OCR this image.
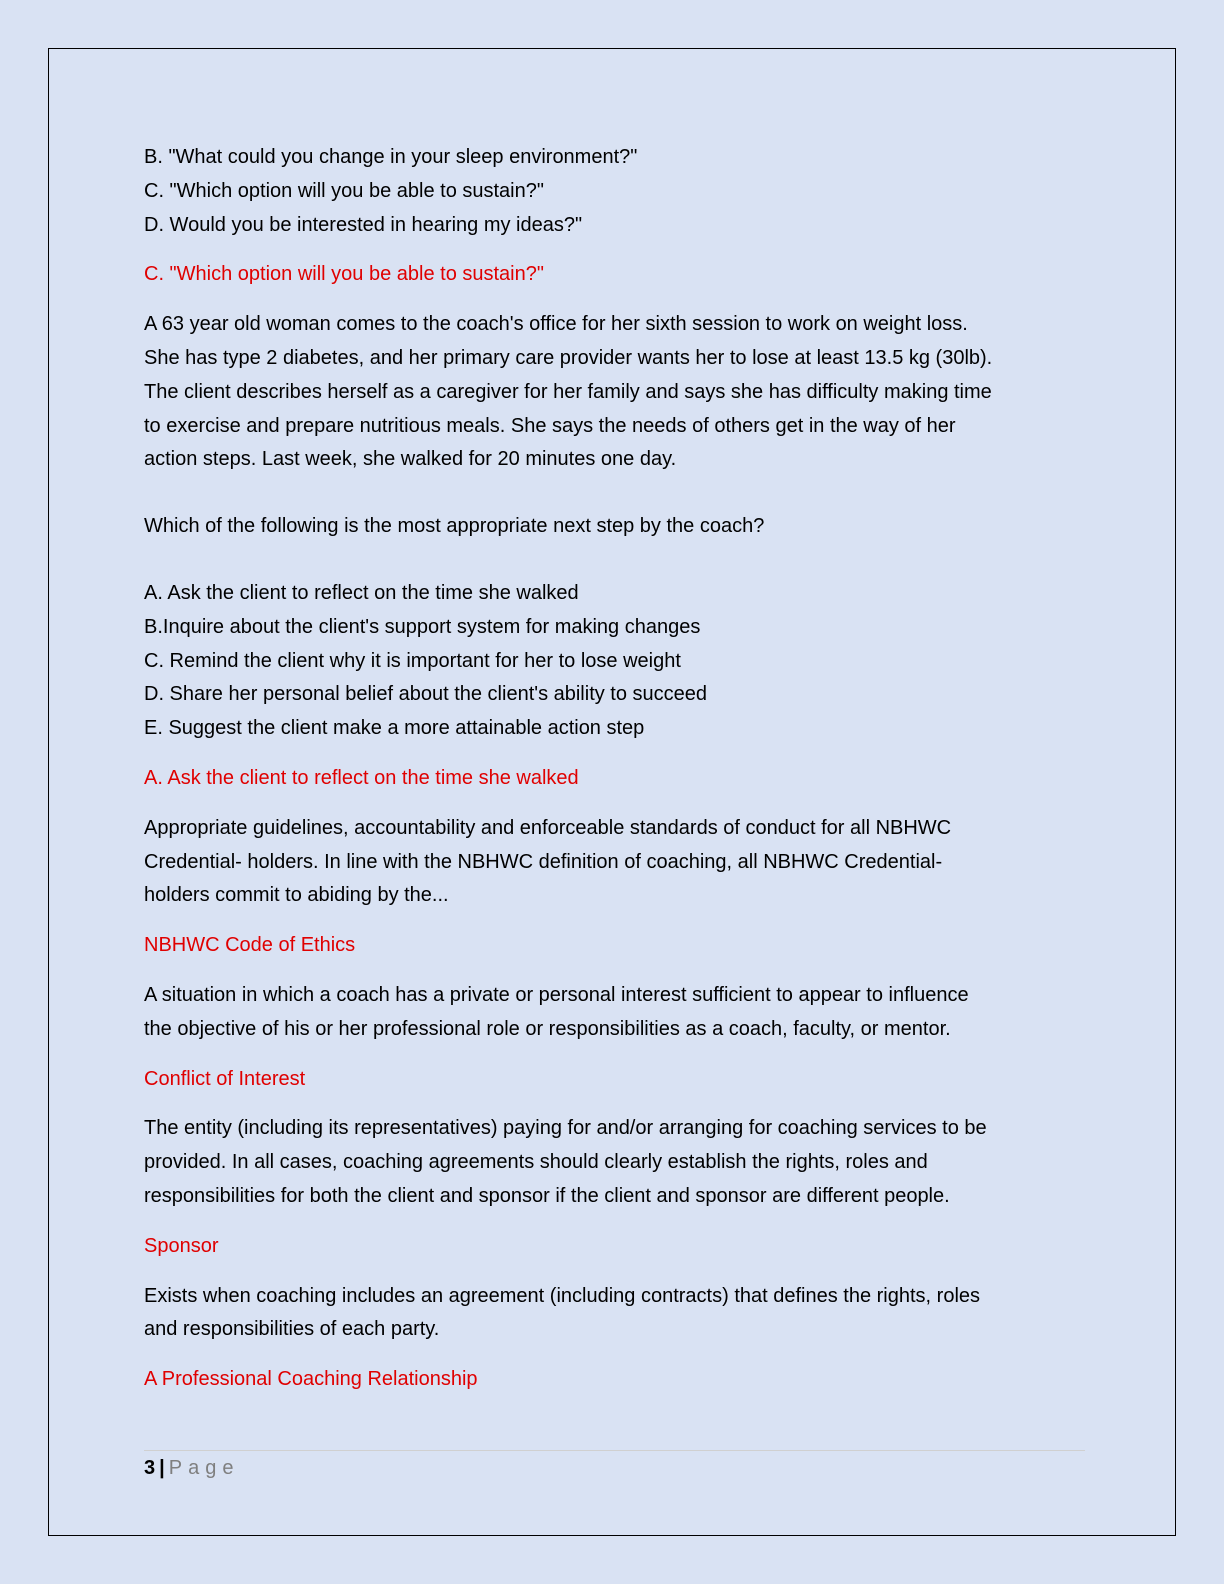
B. "What could you change in your sleep environment?"
C. "Which option will you be able to sustain?"
D. Would you be interested in hearing my ideas?"

C. "Which option will you be able to sustain?"

A 63 year old woman comes to the coach's office for her sixth session to work on weight loss.
She has type 2 diabetes, and her primary care provider wants her to lose at least 13.5 kg (30lb).
The client describes herself as a caregiver for her family and says she has difficulty making time
to exercise and prepare nutritious meals. She says the needs of others get in the way of her
action steps. Last week, she walked for 20 minutes one day.

Which of the following is the most appropriate next step by the coach?

A. Ask the client to reflect on the time she walked
B.Inquire about the client's support system for making changes
C. Remind the client why it is important for her to lose weight
D. Share her personal belief about the client's ability to succeed
E. Suggest the client make a more attainable action step

A. Ask the client to reflect on the time she walked

Appropriate guidelines, accountability and enforceable standards of conduct for all NBHWC
Credential- holders. In line with the NBHWC definition of coaching, all NBHWC Credential-
holders commit to abiding by the...

NBHWC Code of Ethics

A situation in which a coach has a private or personal interest sufficient to appear to influence
the objective of his or her professional role or responsibilities as a coach, faculty, or mentor.

Conflict of Interest

The entity (including its representatives) paying for and/or arranging for coaching services to be
provided. In all cases, coaching agreements should clearly establish the rights, roles and
responsibilities for both the client and sponsor if the client and sponsor are different people.

Sponsor

Exists when coaching includes an agreement (including contracts) that defines the rights, roles
and responsibilities of each party.

A Professional Coaching Relationship

3 | Page
